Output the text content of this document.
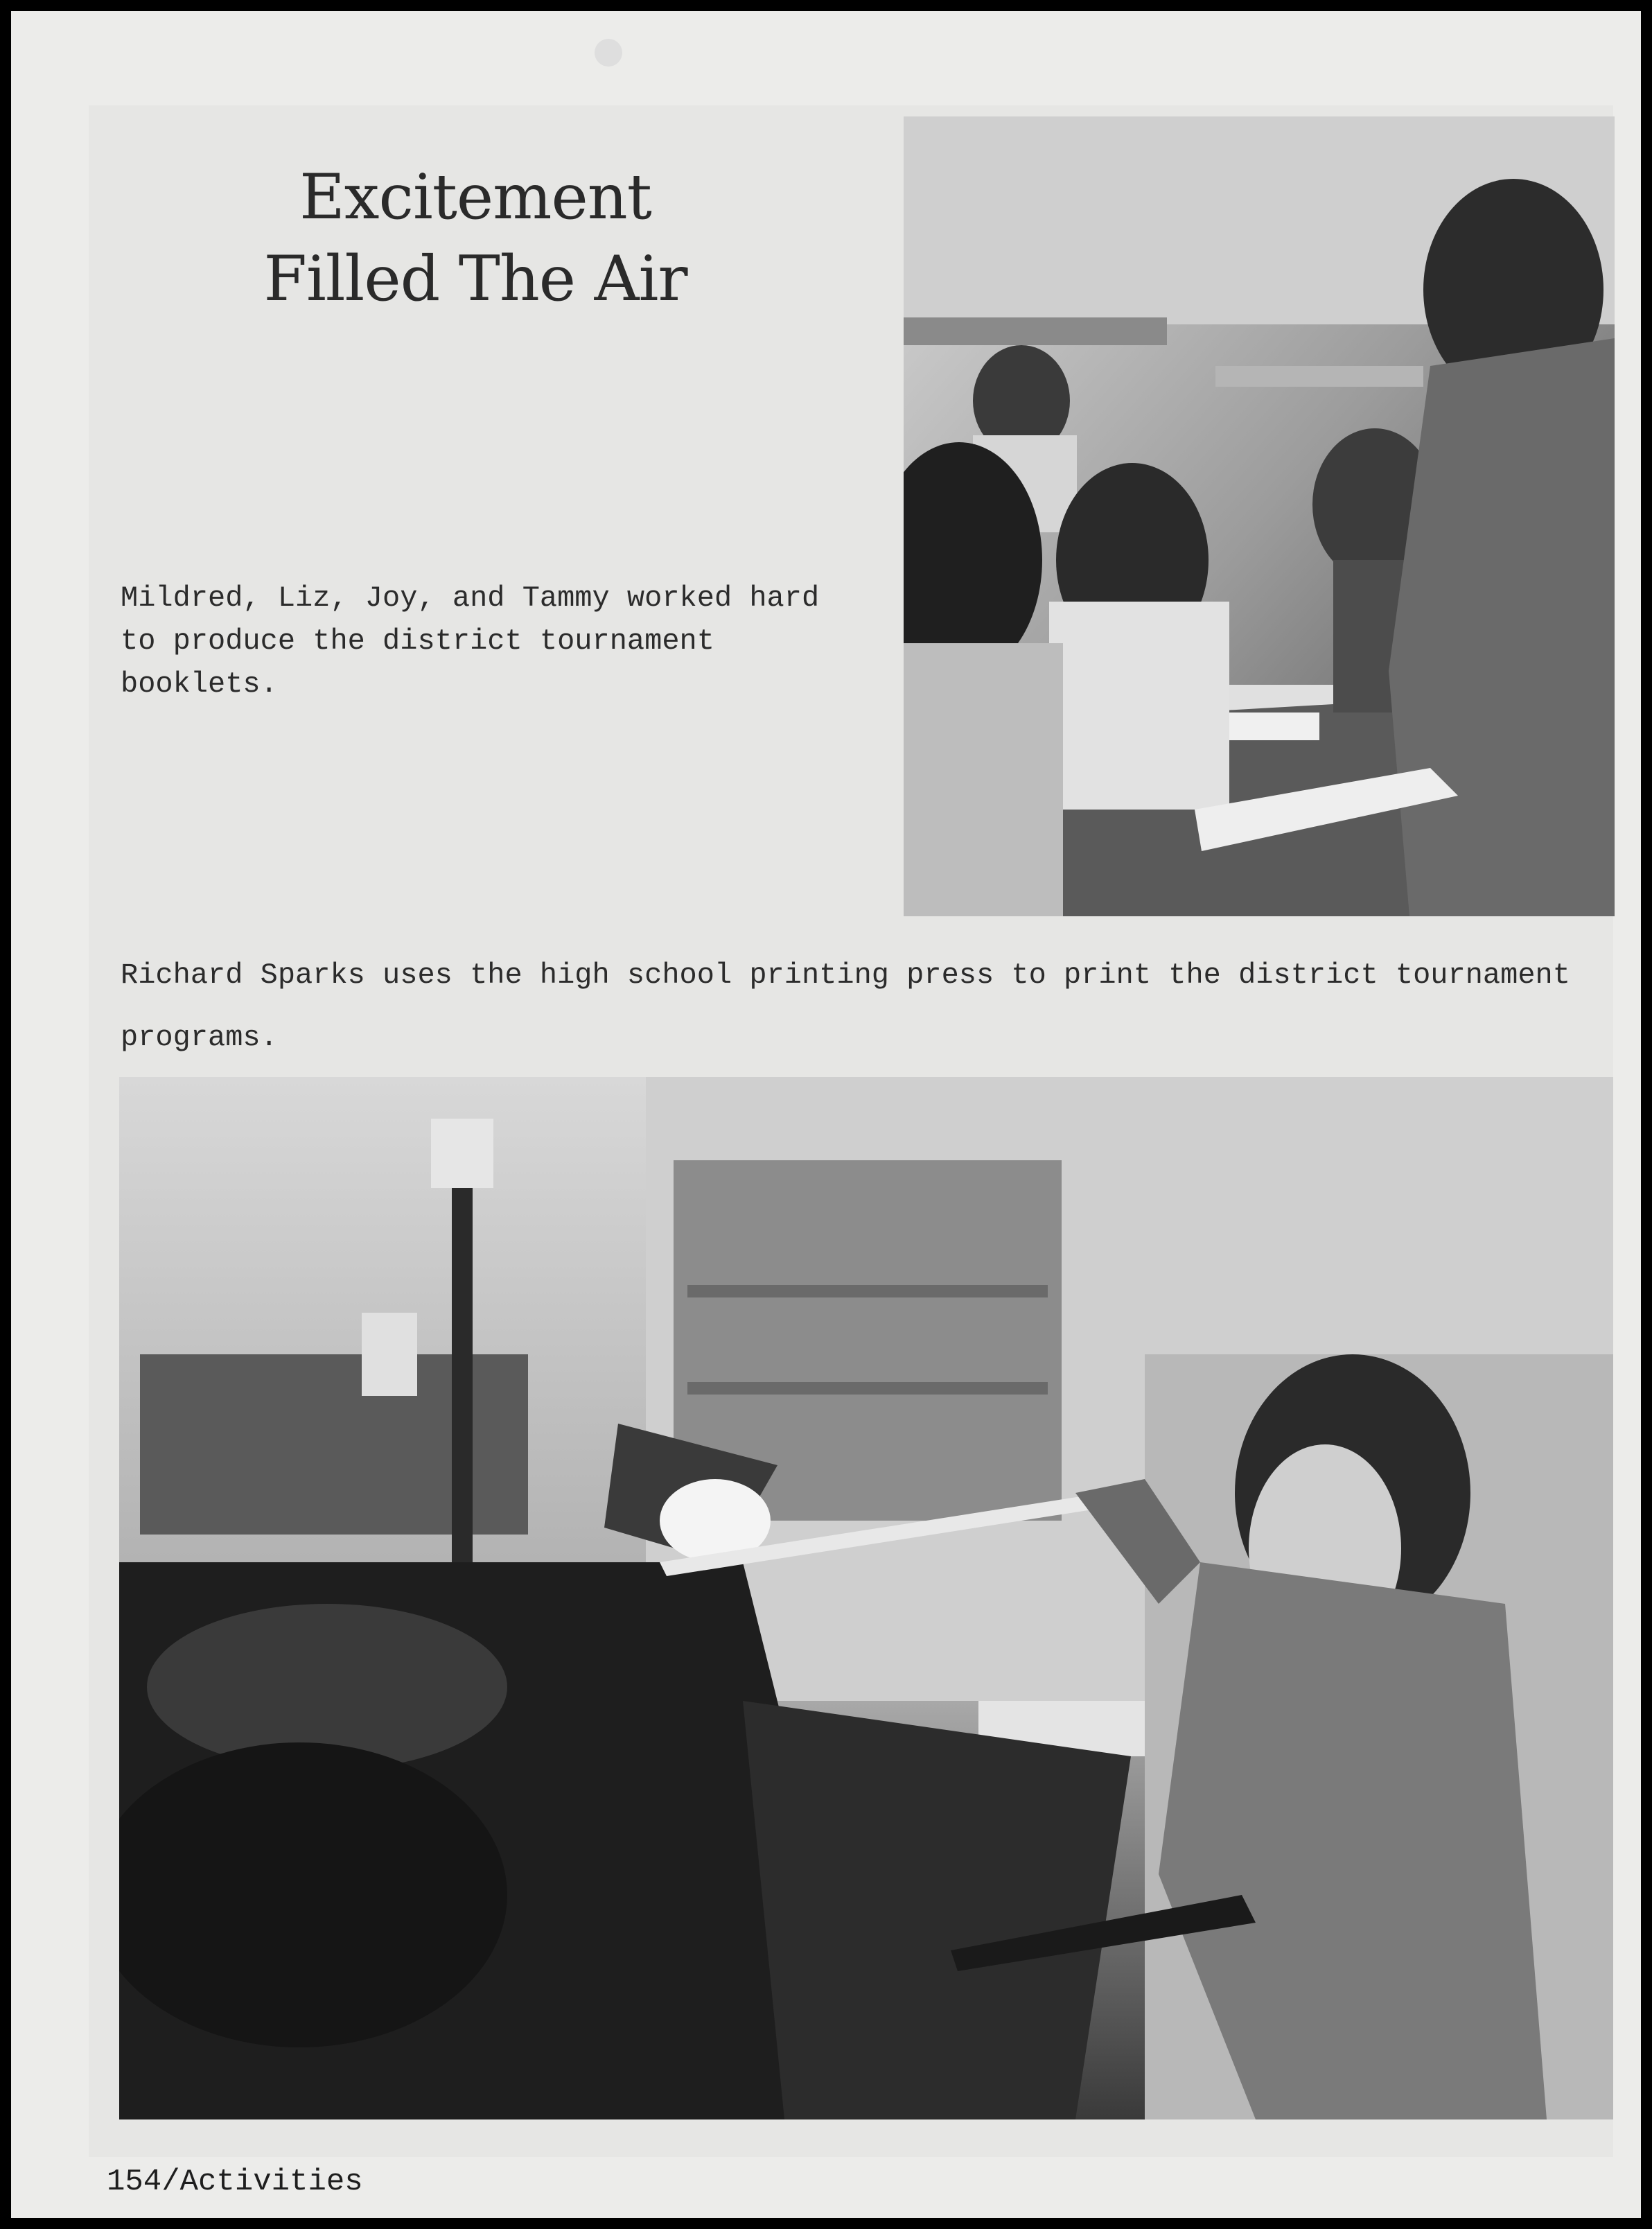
Excitement
Filled The Air
Mildred, Liz, Joy, and Tammy worked hard to produce the district tournament booklets.
Richard Sparks uses the high school printing press to print the district tournament programs.
154/Activities
